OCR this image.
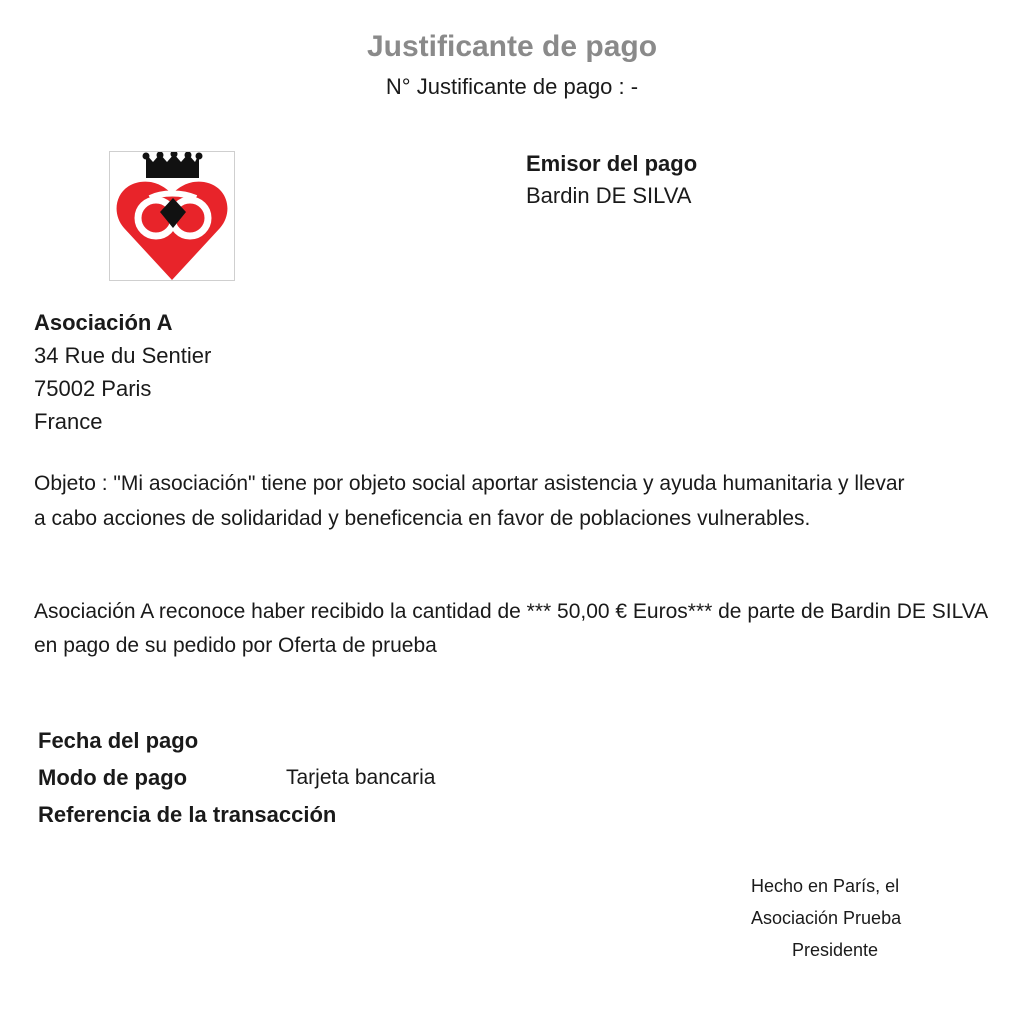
Justificante de pago
N° Justificante de pago : -
Emisor del pago
Bardin DE SILVA
Asociación A
34 Rue du Sentier
75002 Paris
France
Objeto : "Mi asociación" tiene por objeto social aportar asistencia y ayuda humanitaria y llevar
a cabo acciones de solidaridad y beneficencia en favor de poblaciones vulnerables.
Asociación A reconoce haber recibido la cantidad de *** 50,00 € Euros*** de parte de Bardin DE SILVA
en pago de su pedido por Oferta de prueba
Fecha del pago
Modo de pago	Tarjeta bancaria
Referencia de la transacción
Hecho en París, el
Asociación Prueba
Presidente
